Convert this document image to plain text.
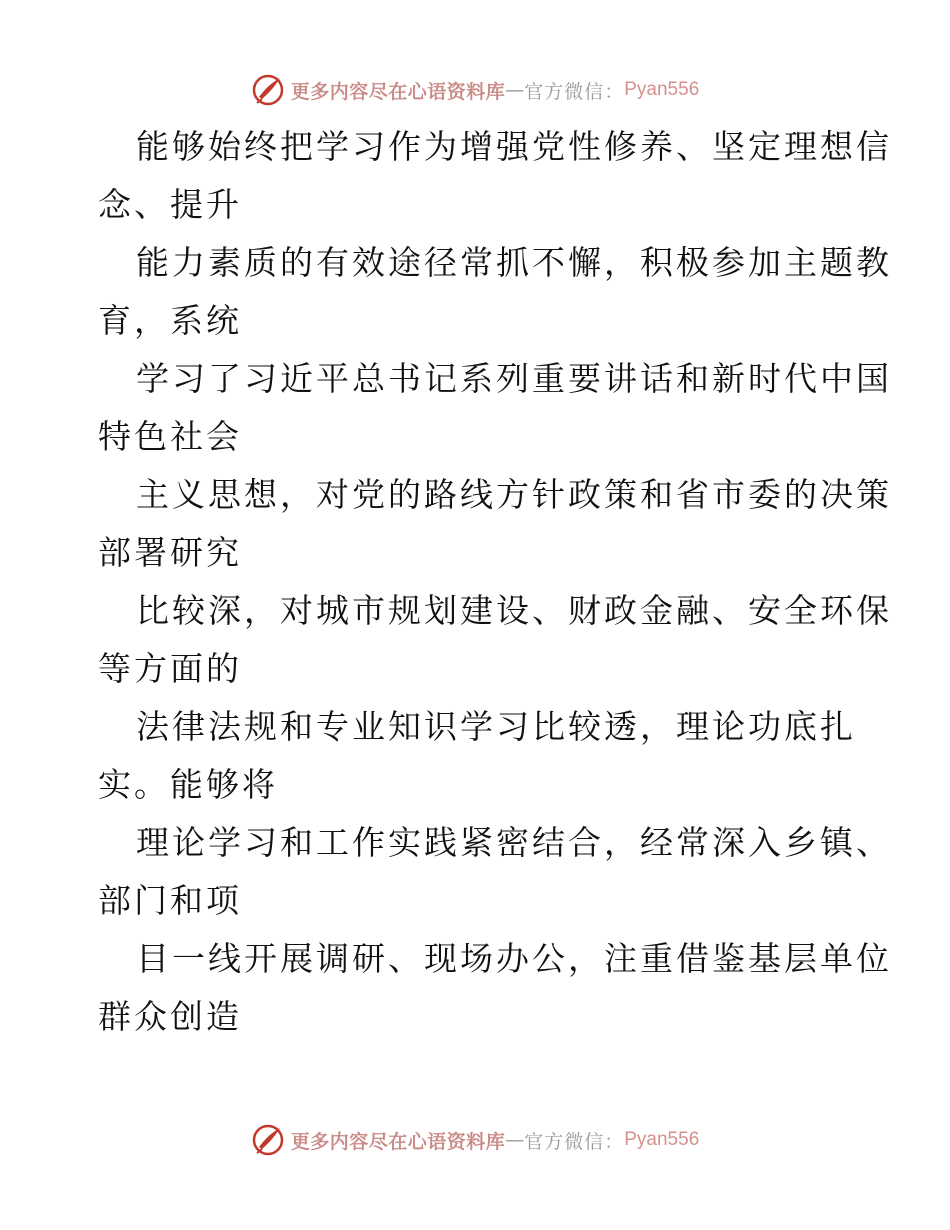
更多内容尽在心语资料库 — 官方微信： Pyan556

能够始终把学习作为增强党性修养、坚定理想信
念、提升

能力素质的有效途径常抓不懈，积极参加主题教
育，系统

学习了习近平总书记系列重要讲话和新时代中国
特色社会

主义思想，对党的路线方针政策和省市委的决策
部署研究

比较深，对城市规划建设、财政金融、安全环保
等方面的

法律法规和专业知识学习比较透，理论功底扎
实。能够将

理论学习和工作实践紧密结合，经常深入乡镇、
部门和项

目一线开展调研、现场办公，注重借鉴基层单位
群众创造

更多内容尽在心语资料库 — 官方微信： Pyan556
